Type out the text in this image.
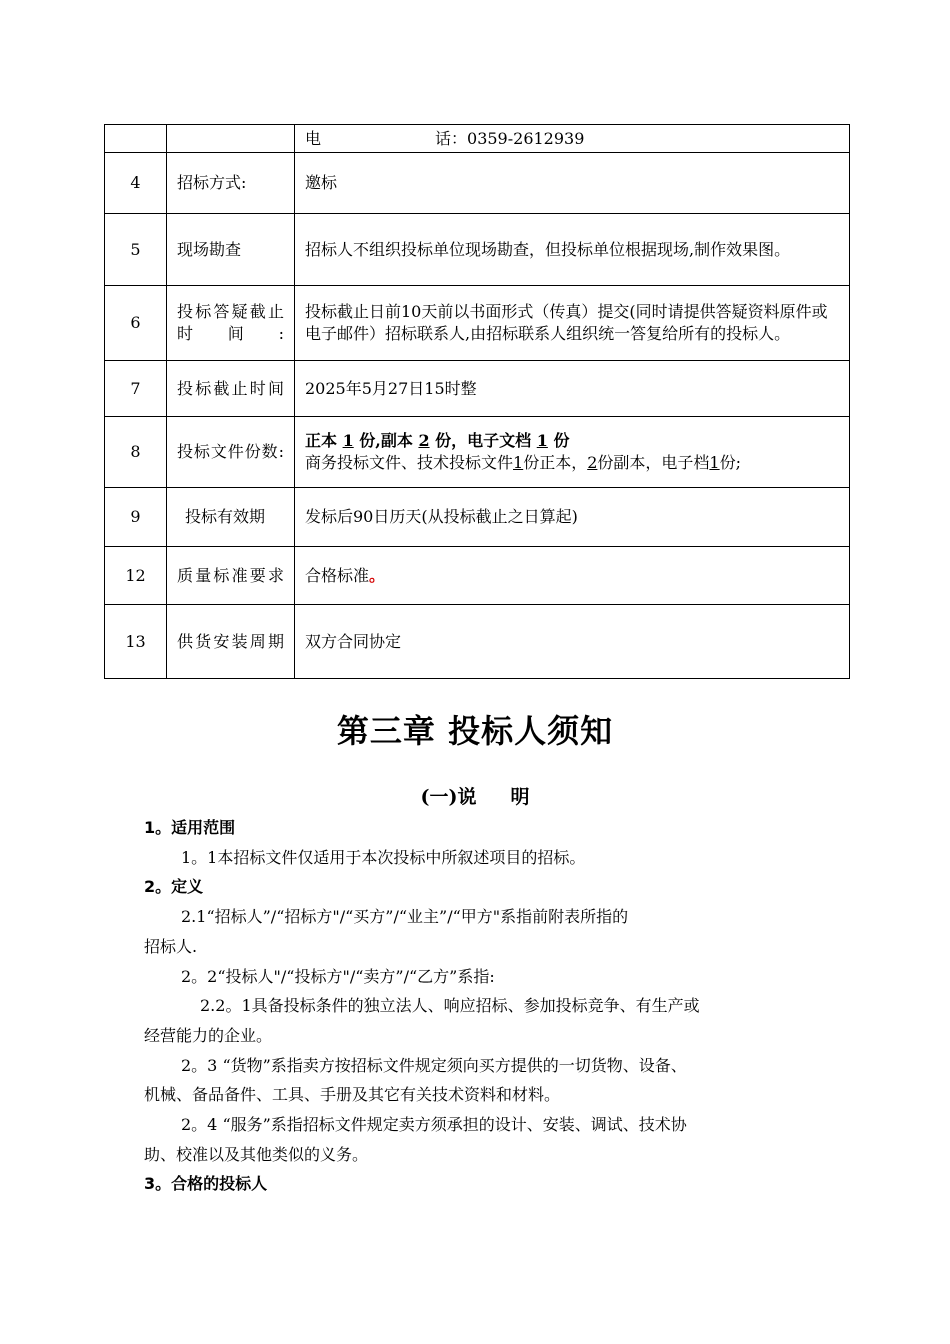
		电 话：0359-2612939
4	招标方式:	邀标
5	现场勘查	招标人不组织投标单位现场勘查，但投标单位根据现场,制作效果图。
6	投标答疑截止时间:	投标截止日前10天前以书面形式（传真）提交(同时请提供答疑资料原件或电子邮件）招标联系人,由招标联系人组织统一答复给所有的投标人。
7	投标截止时间	2025年5月27日15时整
8	投标文件份数:	正本 1 份,副本 2 份，电子文档 1 份
商务投标文件、技术投标文件1份正本，2份副本，电子档1份;

9	投标有效期	发标后90日历天(从投标截止之日算起)
12	质量标准要求	合格标准。
13	供货安装周期	双方合同协定
第三章 投标人须知
(一)说 明

1。适用范围

1。1本招标文件仅适用于本次投标中所叙述项目的招标。

2。定义

2.1“招标人”/“招标方"/“买方”/“业主”/“甲方"系指前附表所指的

招标人.

2。2“投标人"/“投标方"/“卖方”/“乙方”系指:

2.2。1具备投标条件的独立法人、响应招标、参加投标竞争、有生产或

经营能力的企业。

2。3 “货物”系指卖方按招标文件规定须向买方提供的一切货物、设备、

机械、备品备件、工具、手册及其它有关技术资料和材料。

2。4 “服务”系指招标文件规定卖方须承担的设计、安装、调试、技术协

助、校准以及其他类似的义务。

3。合格的投标人
